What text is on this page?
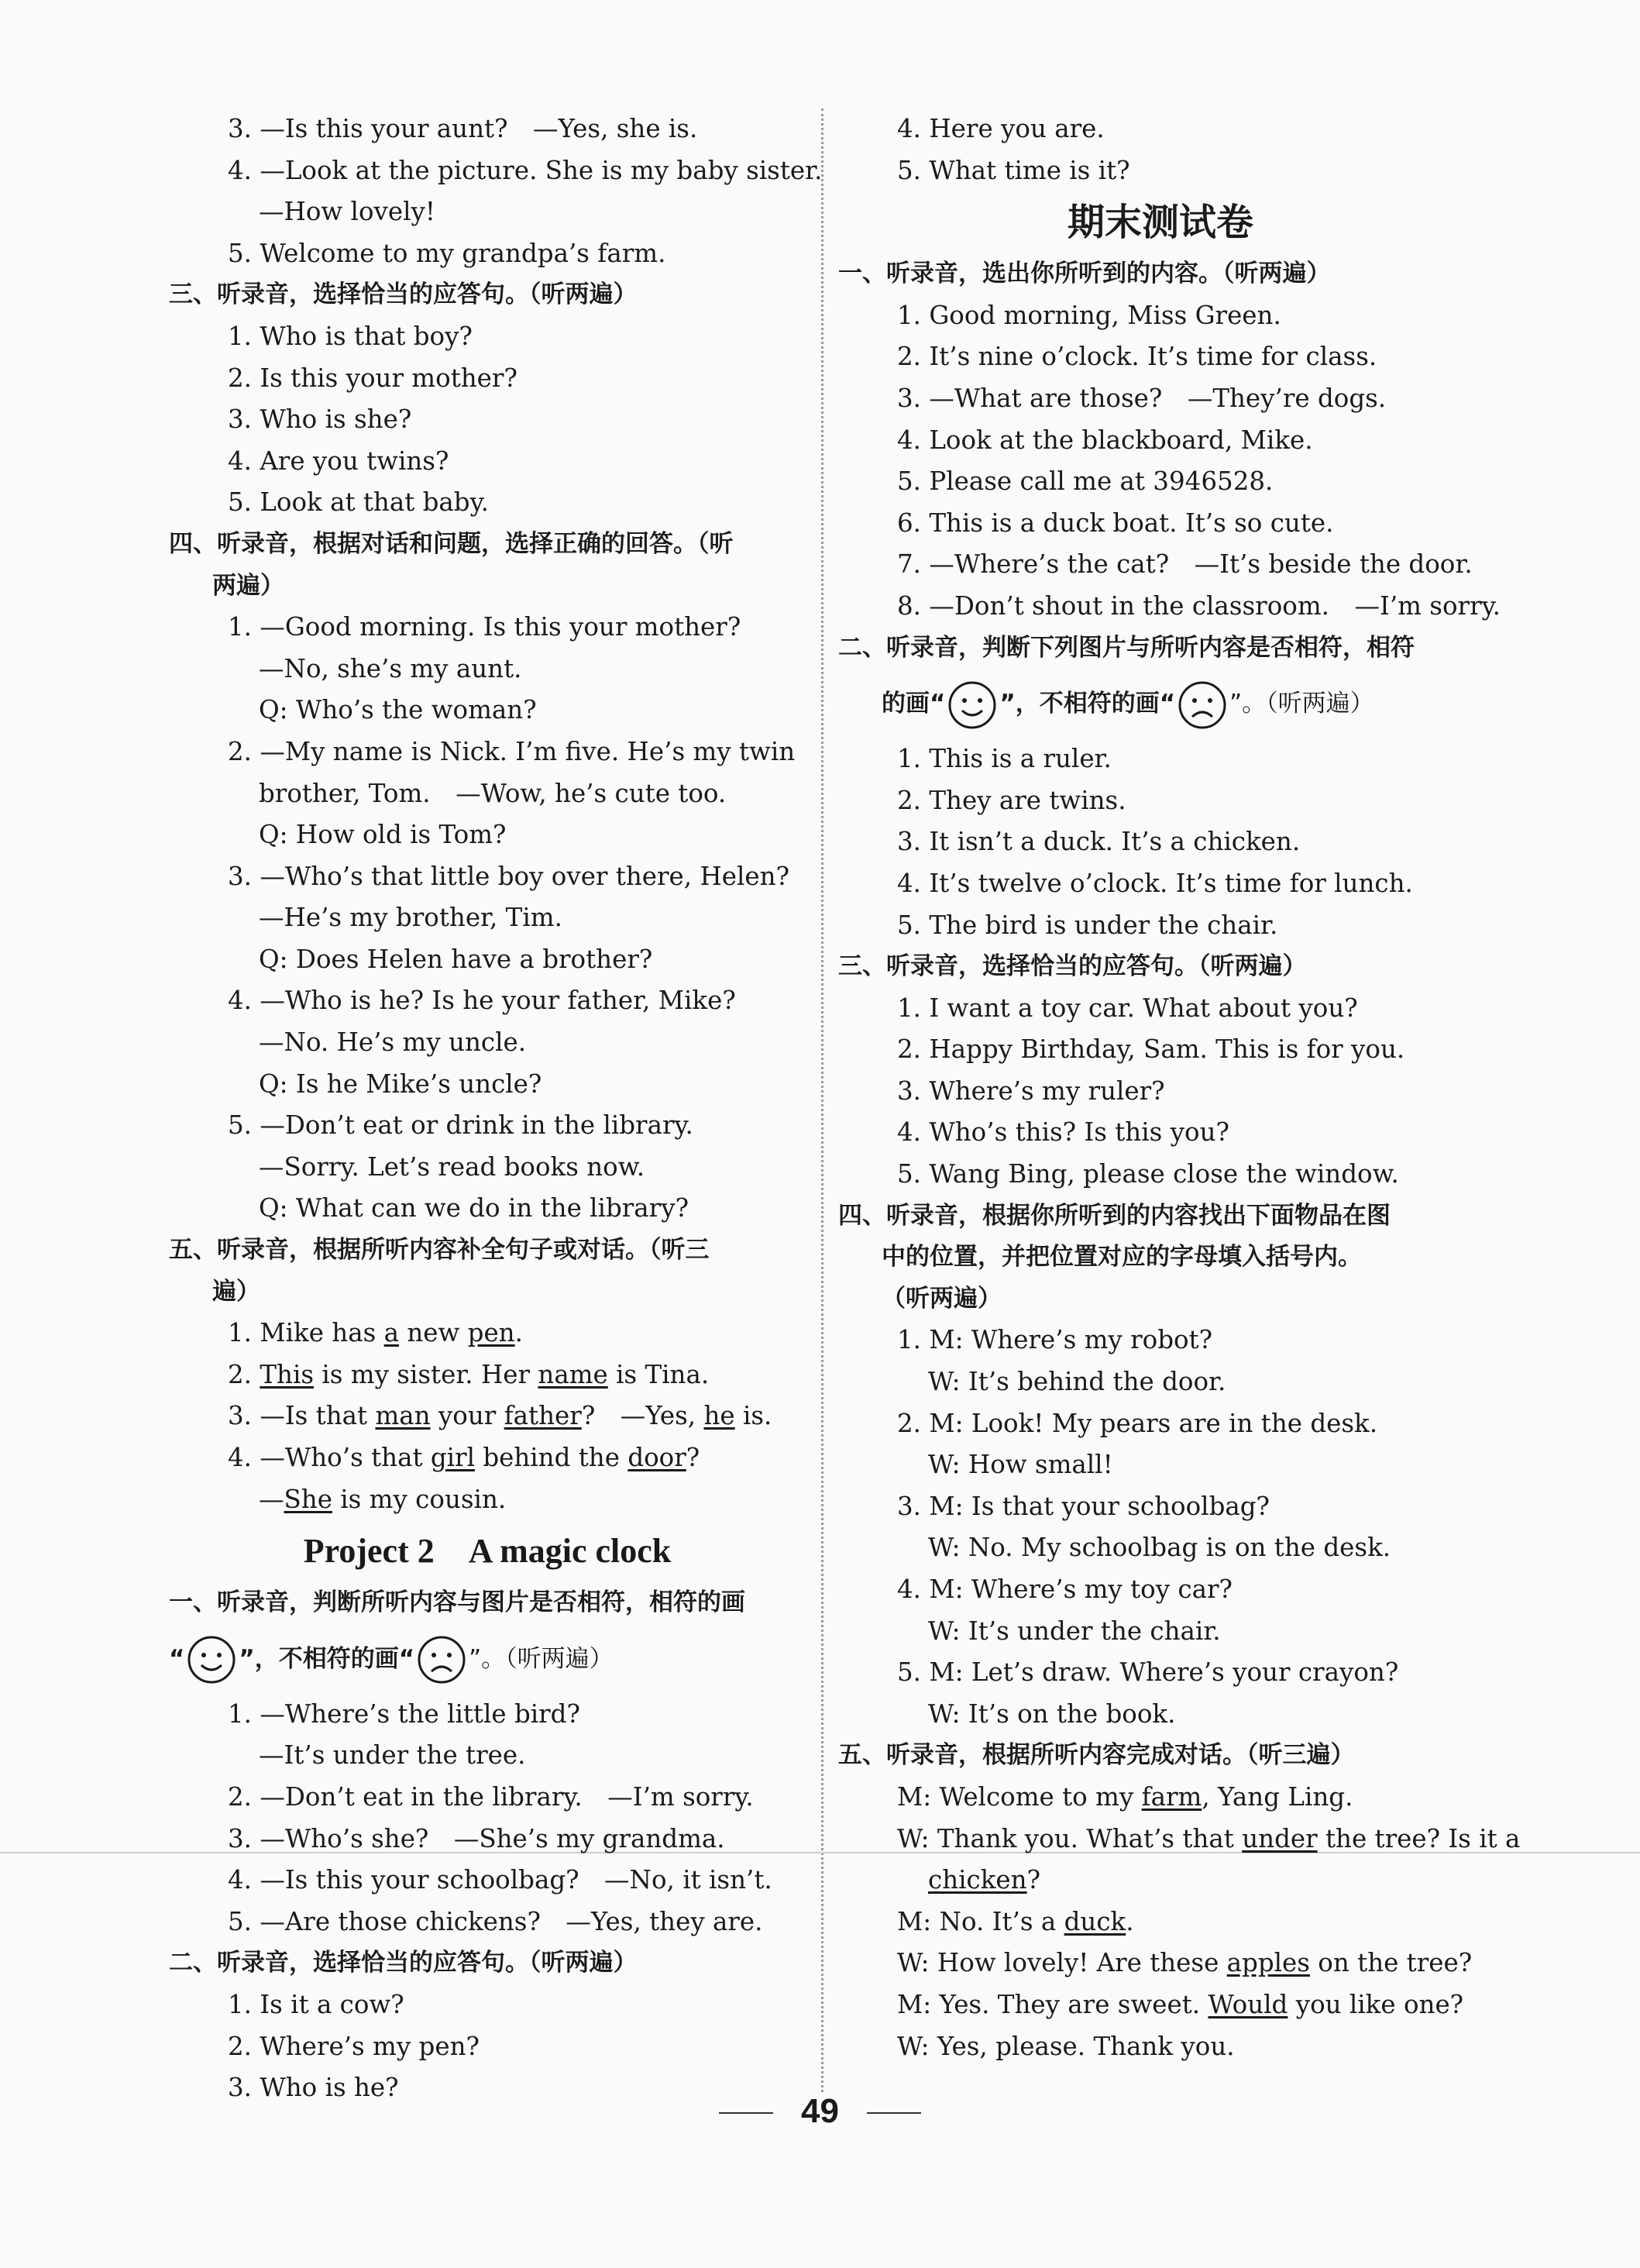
3. —Is this your aunt?　—Yes, she is.
4. —Look at the picture. She is my baby sister.
—How lovely!
5. Welcome to my grandpa’s farm.
三、听录音，选择恰当的应答句。（听两遍）
1. Who is that boy?
2. Is this your mother?
3. Who is she?
4. Are you twins?
5. Look at that baby.
四、听录音，根据对话和问题，选择正确的回答。（听
两遍）
1. —Good morning. Is this your mother?
—No, she’s my aunt.
Q: Who’s the woman?
2. —My name is Nick. I’m five. He’s my twin
brother, Tom.　—Wow, he’s cute too.
Q: How old is Tom?
3. —Who’s that little boy over there, Helen?
—He’s my brother, Tim.
Q: Does Helen have a brother?
4. —Who is he? Is he your father, Mike?
—No. He’s my uncle.
Q: Is he Mike’s uncle?
5. —Don’t eat or drink in the library.
—Sorry. Let’s read books now.
Q: What can we do in the library?
五、听录音，根据所听内容补全句子或对话。（听三
遍）
1. Mike has a new pen.
2. This is my sister. Her name is Tina.
3. —Is that man your father?　—Yes, he is.
4. —Who’s that girl behind the door?
—She is my cousin.
Project 2　A magic clock
一、听录音，判断所听内容与图片是否相符，相符的画
“ ”，不相符的画“ ”。（听两遍）
1. —Where’s the little bird?
—It’s under the tree.
2. —Don’t eat in the library.　—I’m sorry.
3. —Who’s she?　—She’s my grandma.
4. —Is this your schoolbag?　—No, it isn’t.
5. —Are those chickens?　—Yes, they are.
二、听录音，选择恰当的应答句。（听两遍）
1. Is it a cow?
2. Where’s my pen?
3. Who is he?
4. Here you are.
5. What time is it?
期末测试卷
一、听录音，选出你所听到的内容。（听两遍）
1. Good morning, Miss Green.
2. It’s nine o’clock. It’s time for class.
3. —What are those?　—They’re dogs.
4. Look at the blackboard, Mike.
5. Please call me at 3946528.
6. This is a duck boat. It’s so cute.
7. —Where’s the cat?　—It’s beside the door.
8. —Don’t shout in the classroom.　—I’m sorry.
二、听录音，判断下列图片与所听内容是否相符，相符
的画“ ”，不相符的画“ ”。（听两遍）
1. This is a ruler.
2. They are twins.
3. It isn’t a duck. It’s a chicken.
4. It’s twelve o’clock. It’s time for lunch.
5. The bird is under the chair.
三、听录音，选择恰当的应答句。（听两遍）
1. I want a toy car. What about you?
2. Happy Birthday, Sam. This is for you.
3. Where’s my ruler?
4. Who’s this? Is this you?
5. Wang Bing, please close the window.
四、听录音，根据你所听到的内容找出下面物品在图
中的位置，并把位置对应的字母填入括号内。
（听两遍）
1. M: Where’s my robot?
W: It’s behind the door.
2. M: Look! My pears are in the desk.
W: How small!
3. M: Is that your schoolbag?
W: No. My schoolbag is on the desk.
4. M: Where’s my toy car?
W: It’s under the chair.
5. M: Let’s draw. Where’s your crayon?
W: It’s on the book.
五、听录音，根据所听内容完成对话。（听三遍）
M: Welcome to my farm, Yang Ling.
W: Thank you. What’s that under the tree? Is it a
chicken?
M: No. It’s a duck.
W: How lovely! Are these apples on the tree?
M: Yes. They are sweet. Would you like one?
W: Yes, please. Thank you.
49
